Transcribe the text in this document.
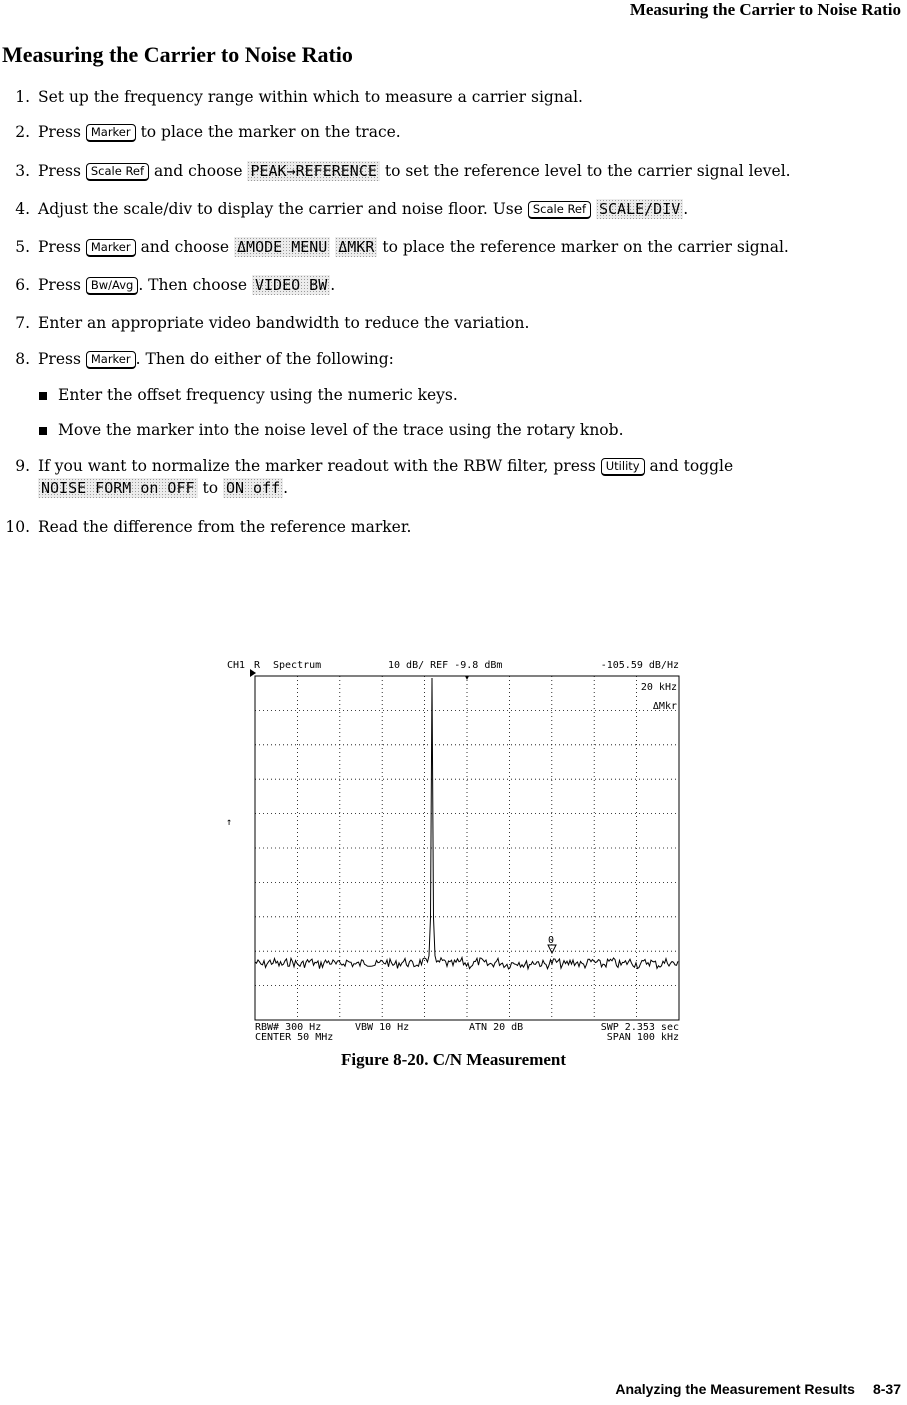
Measuring the Carrier to Noise Ratio
Measuring the Carrier to Noise Ratio
1. Set up the frequency range within which to measure a carrier signal.
2. Press Marker to place the marker on the trace.
3. Press Scale Ref and choose PEAK→REFERENCE to set the reference level to the carrier signal level.
4. Adjust the scale/div to display the carrier and noise floor. Use Scale Ref SCALE/DIV .
5. Press Marker and choose ΔMODE MENU ΔMKR to place the reference marker on the carrier signal.
6. Press Bw/Avg . Then choose VIDEO BW .
7. Enter an appropriate video bandwidth to reduce the variation.
8. Press Marker . Then do either of the following:
Enter the offset frequency using the numeric keys.
Move the marker into the noise level of the trace using the rotary knob.
9. If you want to normalize the marker readout with the RBW filter, press Utility and toggle
NOISE FORM on OFF to ON off .
10. Read the difference from the reference marker.
CH1 R Spectrum	10 dB/ REF -9.8 dBm	-105.59 dB/Hz
20 kHz
ΔMkr
↑
0
RBW# 300 Hz	VBW 10 Hz	ATN 20 dB	SWP 2.353 sec
CENTER 50 MHz	SPAN 100 kHz
Figure 8-20. C/N Measurement
Analyzing the Measurement Results 8-37
